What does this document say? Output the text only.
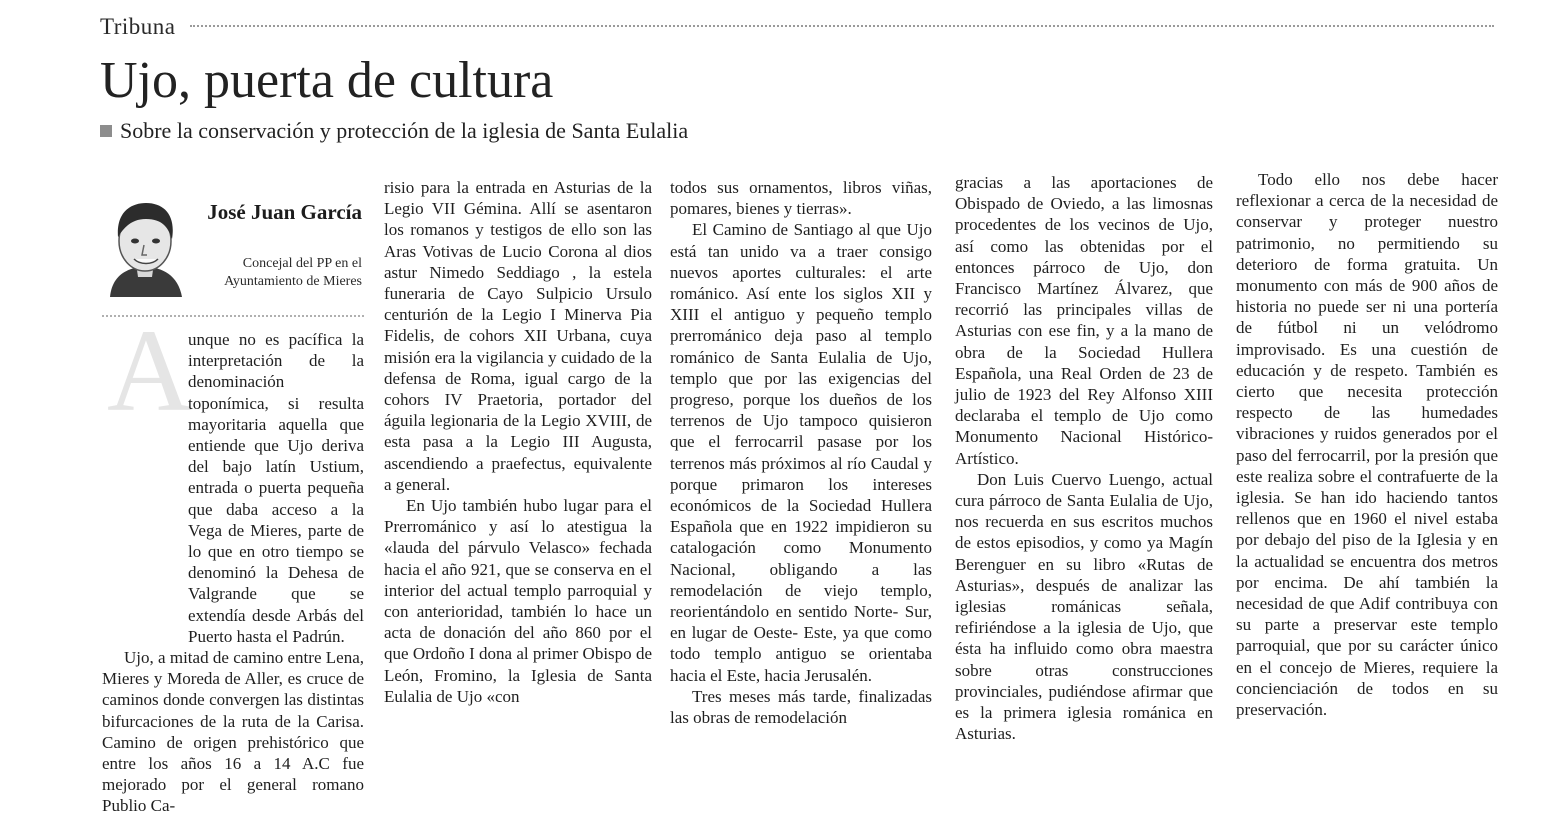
Tribuna
Ujo, puerta de cultura
Sobre la conservación y protección de la iglesia de Santa Eulalia
José Juan García
Concejal del PP en el Ayuntamiento de Mieres
A

unque no es pacífica la interpretación de la denominación toponímica, si resulta mayoritaria aquella que entiende que Ujo deriva del bajo latín Ustium, entrada o puerta pequeña que daba acceso a la Vega de Mieres, parte de lo que en otro tiempo se denominó la Dehesa de Valgrande que se extendía desde Arbás del Puerto hasta el Padrún.

Ujo, a mitad de camino entre Lena, Mieres y Moreda de Aller, es cruce de caminos donde convergen las distintas bifurcaciones de la ruta de la Carisa. Camino de origen prehistórico que entre los años 16 a 14 A.C fue mejorado por el general romano Publio Ca-

risio para la entrada en Asturias de la Legio VII Gémina. Allí se asentaron los romanos y testigos de ello son las Aras Votivas de Lucio Corona al dios astur Nimedo Seddiago , la estela funeraria de Cayo Sulpicio Ursulo centurión de la Legio I Minerva Pia Fidelis, de cohors XII Urbana, cuya misión era la vigilancia y cuidado de la defensa de Roma, igual cargo de la cohors IV Praetoria, portador del águila legionaria de la Legio XVIII, de esta pasa a la Legio III Augusta, ascendiendo a praefectus, equivalente a general.

En Ujo también hubo lugar para el Prerrománico y así lo atestigua la «lauda del párvulo Velasco» fechada hacia el año 921, que se conserva en el interior del actual templo parroquial y con anterioridad, también lo hace un acta de donación del año 860 por el que Ordoño I dona al primer Obispo de León, Fromino, la Iglesia de Santa Eulalia de Ujo «con

todos sus ornamentos, libros viñas, pomares, bienes y tierras».

El Camino de Santiago al que Ujo está tan unido va a traer consigo nuevos aportes culturales: el arte románico. Así ente los siglos XII y XIII el antiguo y pequeño templo prerrománico deja paso al templo románico de Santa Eulalia de Ujo, templo que por las exigencias del progreso, porque los dueños de los terrenos de Ujo tampoco quisieron que el ferrocarril pasase por los terrenos más próximos al río Caudal y porque primaron los intereses económicos de la Sociedad Hullera Española que en 1922 impidieron su catalogación como Monumento Nacional, obligando a las remodelación de viejo templo, reorientándolo en sentido Norte- Sur, en lugar de Oeste- Este, ya que como todo templo antiguo se orientaba hacia el Este, hacia Jerusalén.

Tres meses más tarde, finalizadas las obras de remodelación

gracias a las aportaciones de Obispado de Oviedo, a las limosnas procedentes de los vecinos de Ujo, así como las obtenidas por el entonces párroco de Ujo, don Francisco Martínez Álvarez, que recorrió las principales villas de Asturias con ese fin, y a la mano de obra de la Sociedad Hullera Española, una Real Orden de 23 de julio de 1923 del Rey Alfonso XIII declaraba el templo de Ujo como Monumento Nacional Histórico-Artístico.

Don Luis Cuervo Luengo, actual cura párroco de Santa Eulalia de Ujo, nos recuerda en sus escritos muchos de estos episodios, y como ya Magín Berenguer en su libro «Rutas de Asturias», después de analizar las iglesias románicas señala, refiriéndose a la iglesia de Ujo, que ésta ha influido como obra maestra sobre otras construcciones provinciales, pudiéndose afirmar que es la primera iglesia románica en Asturias.

Todo ello nos debe hacer reflexionar a cerca de la necesidad de conservar y proteger nuestro patrimonio, no permitiendo su deterioro de forma gratuita. Un monumento con más de 900 años de historia no puede ser ni una portería de fútbol ni un velódromo improvisado. Es una cuestión de educación y de respeto. También es cierto que necesita protección respecto de las humedades vibraciones y ruidos generados por el paso del ferrocarril, por la presión que este realiza sobre el contrafuerte de la iglesia. Se han ido haciendo tantos rellenos que en 1960 el nivel estaba por debajo del piso de la Iglesia y en la actualidad se encuentra dos metros por encima. De ahí también la necesidad de que Adif contribuya con su parte a preservar este templo parroquial, que por su carácter único en el concejo de Mieres, requiere la concienciación de todos en su preservación.
